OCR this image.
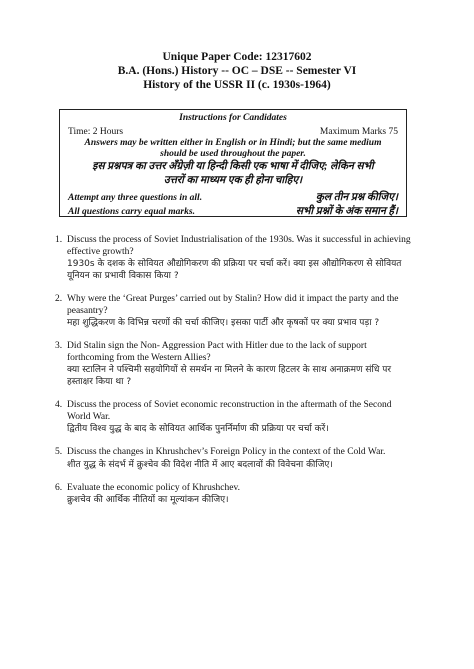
Unique Paper Code: 12317602
B.A. (Hons.) History -- OC – DSE -- Semester VI
History of the USSR II (c. 1930s-1964)
Instructions for Candidates
Time: 2 Hours	Maximum Marks 75
Answers may be written either in English or in Hindi; but the same medium
should be used throughout the paper.
इस प्रश्नपत्र का उत्तर अँग्रेज़ी या हिन्दी किसी एक भाषा में दीजिए; लेकिन सभी
उत्तरों का माध्यम एक ही होना चाहिए।
Attempt any three questions in all.	कुल तीन प्रश्न कीजिए।
All questions carry equal marks.	सभी प्रश्नों के अंक समान हैं।
1. Discuss the process of Soviet Industrialisation of the 1930s. Was it successful in achieving effective growth?
1930s के दशक के सोवियत औद्योगिकरण की प्रक्रिया पर चर्चा करें। क्या इस औद्योगिकरण से सोवियत यूनियन का प्रभावी विकास किया ?
2. Why were the ‘Great Purges’ carried out by Stalin? How did it impact the party and the peasantry?
महा शुद्धिकरण के विभिन्न चरणों की चर्चा कीजिए। इसका पार्टी और कृषकों पर क्या प्रभाव पड़ा ?
3. Did Stalin sign the Non- Aggression Pact with Hitler due to the lack of support forthcoming from the Western Allies?
क्या स्टालिन ने पश्चिमी सहयोगियों से समर्थन ना मिलने के कारण हिटलर के साथ अनाक्रमण संधि पर हस्ताक्षर किया था ?
4. Discuss the process of Soviet economic reconstruction in the aftermath of the Second World War.
द्वितीय विश्व युद्ध के बाद के सोवियत आर्थिक पुनर्निर्माण की प्रक्रिया पर चर्चा करें।
5. Discuss the changes in Khrushchev’s Foreign Policy in the context of the Cold War.
शीत युद्ध के संदर्भ में क्रुश्चेव की विदेश नीति में आए बदलावों की विवेचना कीजिए।
6. Evaluate the economic policy of Khrushchev.
क्रुशचेव की आर्थिक नीतियों का मूल्यांकन कीजिए।
